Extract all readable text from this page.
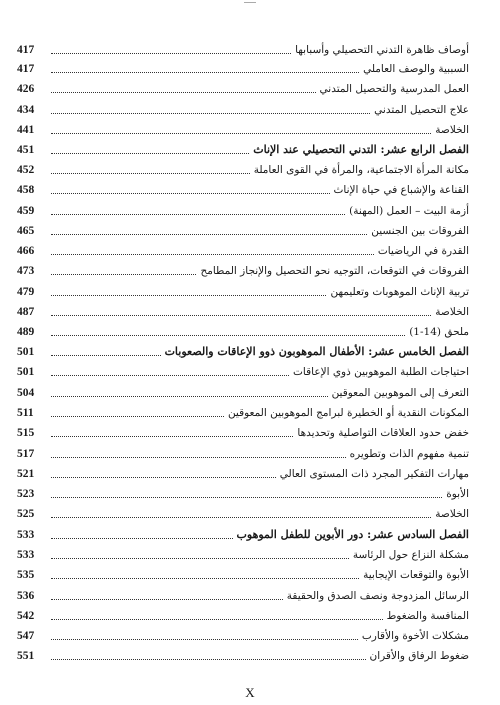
417	أوصاف ظاهرة التدني التحصيلي وأسبابها
417	السببية والوصف العاملي
426	العمل المدرسية والتحصيل المتدني
434	علاج التحصيل المتدني
441	الخلاصة
451	الفصل الرابع عشر: التدني التحصيلي عند الإناث
452	مكانة المرأة الاجتماعية، والمرأة في القوى العاملة
458	القناعة والإشباع في حياة الإناث
459	أزمة البيت – العمل (المهنة)
465	الفروقات بين الجنسين
466	القدرة في الرياضيات
473	الفروقات في التوقعات، التوجيه نحو التحصيل والإنجاز المطامح
479	تربية الإناث الموهوبات وتعليمهن
487	الخلاصة
489	ملحق (14-1)
501	الفصل الخامس عشر: الأطفال الموهوبون ذوو الإعاقات والصعوبات
501	احتياجات الطلبة الموهوبين ذوي الإعاقات
504	التعرف إلى الموهوبين المعوقين
511	المكونات النقدية أو الخطيرة لبرامج الموهوبين المعوقين
515	خفض حدود العلاقات التواصلية وتحديدها
517	تنمية مفهوم الذات وتطويره
521	مهارات التفكير المجرد ذات المستوى العالي
523	الأبوة
525	الخلاصة
533	الفصل السادس عشر: دور الأبوين للطفل الموهوب
533	مشكلة النزاع حول الرئاسة
535	الأبوة والتوقعات الإيجابية
536	الرسائل المزدوجة ونصف الصدق والحقيقة
542	المنافسة والضغوط
547	مشكلات الأخوة والأقارب
551	ضغوط الرفاق والأقران
X
